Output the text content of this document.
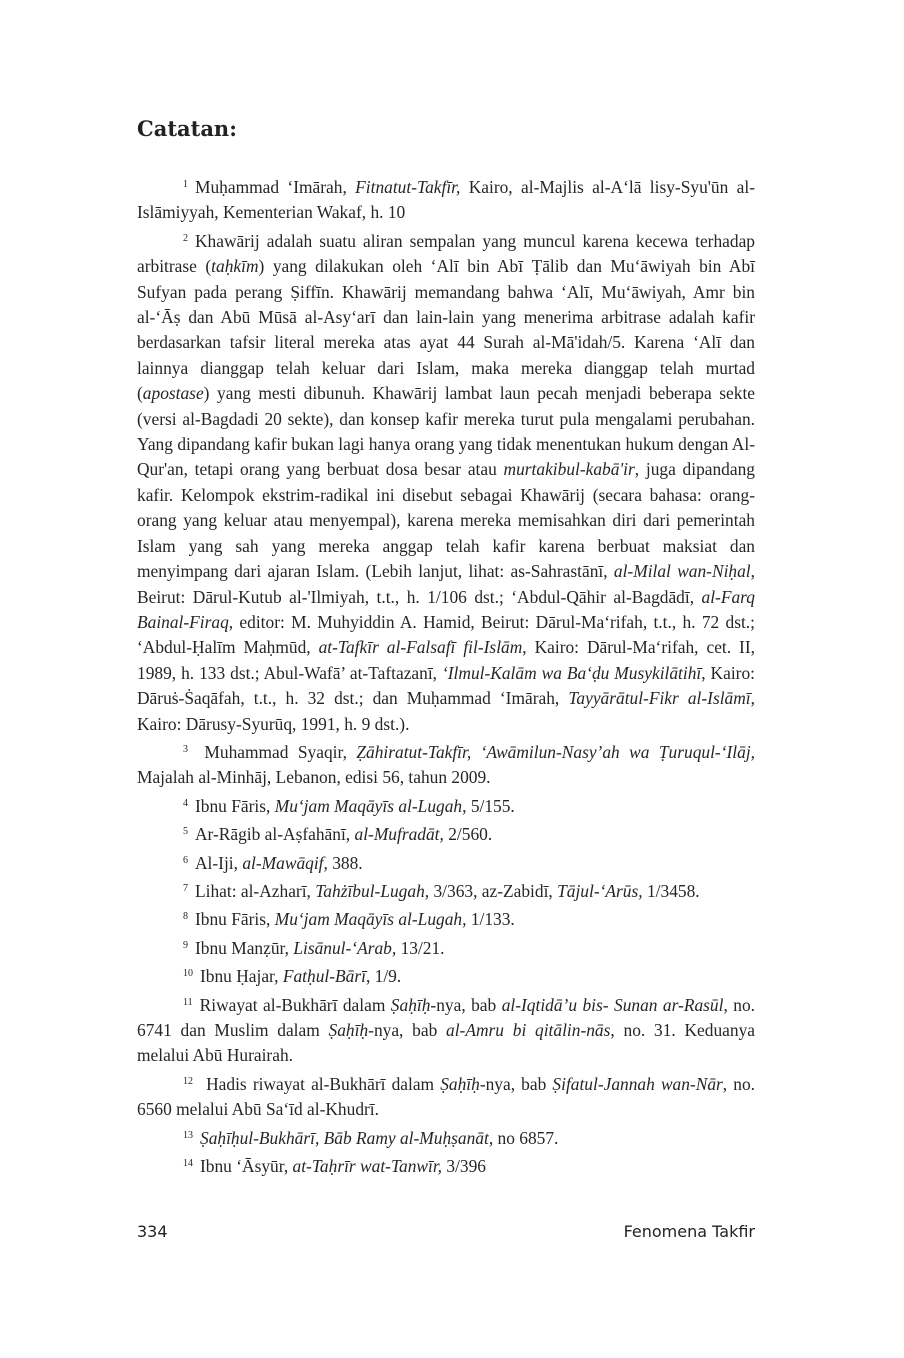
Catatan:

$^1$ Muḥammad ‘Imārah, Fitnatut-Takfīr, Kairo, al-Majlis al-A‘lā lisy-Syu'ūn al-Islāmiyyah, Kementerian Wakaf, h. 10

$^2$ Khawārij adalah suatu aliran sempalan yang muncul karena kecewa terhadap arbitrase (taḥkīm) yang dilakukan oleh ‘Alī bin Abī Ṭālib dan Mu‘āwiyah bin Abī Sufyan pada perang Ṣiffīn. Khawārij memandang bahwa ‘Alī, Mu‘āwiyah, Amr bin al-‘Āṣ dan Abū Mūsā al-Asy‘arī dan lain-lain yang menerima arbitrase adalah kafir berdasarkan tafsir literal mereka atas ayat 44 Surah al-Mā'idah/5. Karena ‘Alī dan lainnya dianggap telah keluar dari Islam, maka mereka dianggap telah murtad (apostase) yang mesti dibunuh. Khawārij lambat laun pecah menjadi beberapa sekte (versi al-Bagdadi 20 sekte), dan konsep kafir mereka turut pula mengalami perubahan. Yang dipandang kafir bukan lagi hanya orang yang tidak menentukan hukum dengan Al-Qur'an, tetapi orang yang berbuat dosa besar atau murtakibul-kabā'ir, juga dipandang kafir. Kelompok ekstrim-radikal ini disebut sebagai Khawārij (secara bahasa: orang-orang yang keluar atau menyempal), karena mereka memisahkan diri dari pemerintah Islam yang sah yang mereka anggap telah kafir karena berbuat maksiat dan menyimpang dari ajaran Islam. (Lebih lanjut, lihat: as-Sahrastānī, al-Milal wan-Niḥal, Beirut: Dārul-Kutub al-'Ilmiyah, t.t., h. 1/106 dst.; ‘Abdul-Qāhir al-Bagdādī, al-Farq Bainal-Firaq, editor: M. Muhyiddin A. Hamid, Beirut: Dārul-Ma‘rifah, t.t., h. 72 dst.; ‘Abdul-Ḥalīm Maḥmūd, at-Tafkīr al-Falsafī fil-Islām, Kairo: Dārul-Ma‘rifah, cet. II, 1989, h. 133 dst.; Abul-Wafā’ at-Taftazanī, ‘Ilmul-Kalām wa Ba‘ḍu Musykilātihī, Kairo: Dāruṡ-Ṡaqāfah, t.t., h. 32 dst.; dan Muḥammad ‘Imārah, Tayyārātul-Fikr al-Islāmī, Kairo: Dārusy-Syurūq, 1991, h. 9 dst.).

$^3$ Muhammad Syaqir, Ẓāhiratut-Takfīr, ‘Awāmilun-Nasy’ah wa Ṭuruqul-‘Ilāj, Majalah al-Minhāj, Lebanon, edisi 56, tahun 2009.

$^4$ Ibnu Fāris, Mu‘jam Maqāyīs al-Lugah, 5/155.

$^5$ Ar-Rāgib al-Aṣfahānī, al-Mufradāt, 2/560.

$^6$ Al-Iji, al-Mawāqif, 388.

$^7$ Lihat: al-Azharī, Tahżībul-Lugah, 3/363, az-Zabidī, Tājul-‘Arūs, 1/3458.

$^8$ Ibnu Fāris, Mu‘jam Maqāyīs al-Lugah, 1/133.

$^9$ Ibnu Manẓūr, Lisānul-‘Arab, 13/21.

$^{10}$ Ibnu Ḥajar, Fatḥul-Bārī, 1/9.

$^{11}$ Riwayat al-Bukhārī dalam Ṣaḥīḥ-nya, bab al-Iqtidā’u bis- Sunan ar-Rasūl, no. 6741 dan Muslim dalam Ṣaḥīḥ-nya, bab al-Amru bi qitālin-nās, no. 31. Keduanya melalui Abū Hurairah.

$^{12}$ Hadis riwayat al-Bukhārī dalam Ṣaḥīḥ-nya, bab Ṣifatul-Jannah wan-Nār, no. 6560 melalui Abū Sa‘īd al-Khudrī.

$^{13}$ Ṣaḥīḥul-Bukhārī, Bāb Ramy al-Muḥṣanāt, no 6857.

$^{14}$ Ibnu ‘Āsyūr, at-Taḥrīr wat-Tanwīr, 3/396

334	Fenomena Takfir
